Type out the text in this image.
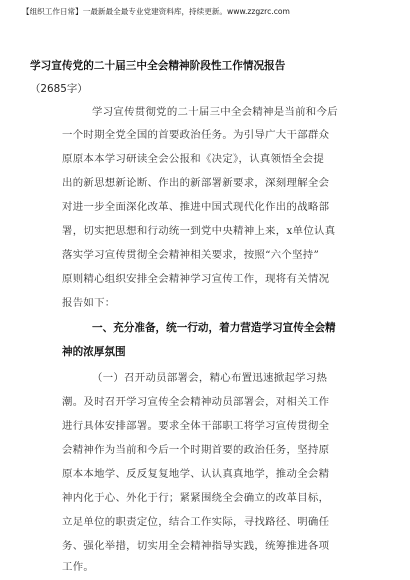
【组织工作日常】一最新最全最专业党建资料库，持续更新。www.zzgzrc.com
学习宣传党的二十届三中全会精神阶段性工作情况报告
（2685字）
学习宣传贯彻党的二十届三中全会精神是当前和今后
一个时期全党全国的首要政治任务。为引导广大干部群众
原原本本学习研读全会公报和《决定》，认真领悟全会提
出的新思想新论断、作出的新部署新要求，深刻理解全会
对进一步全面深化改革、推进中国式现代化作出的战略部
署，切实把思想和行动统一到党中央精神上来，x单位认真
落实学习宣传贯彻全会精神相关要求，按照“六个坚持”
原则精心组织安排全会精神学习宣传工作，现将有关情况
报告如下：
一、充分准备，统一行动，着力营造学习宣传全会精
神的浓厚氛围
（一）召开动员部署会，精心布置迅速掀起学习热
潮。及时召开学习宣传全会精神动员部署会，对相关工作
进行具体安排部署。要求全体干部职工将学习宣传贯彻全
会精神作为当前和今后一个时期首要的政治任务，坚持原
原本本地学、反反复复地学、认认真真地学，推动全会精
神内化于心、外化于行；紧紧围绕全会确立的改革目标，
立足单位的职责定位，结合工作实际，寻找路径、明确任
务、强化举措，切实用全会精神指导实践，统筹推进各项
工作。
